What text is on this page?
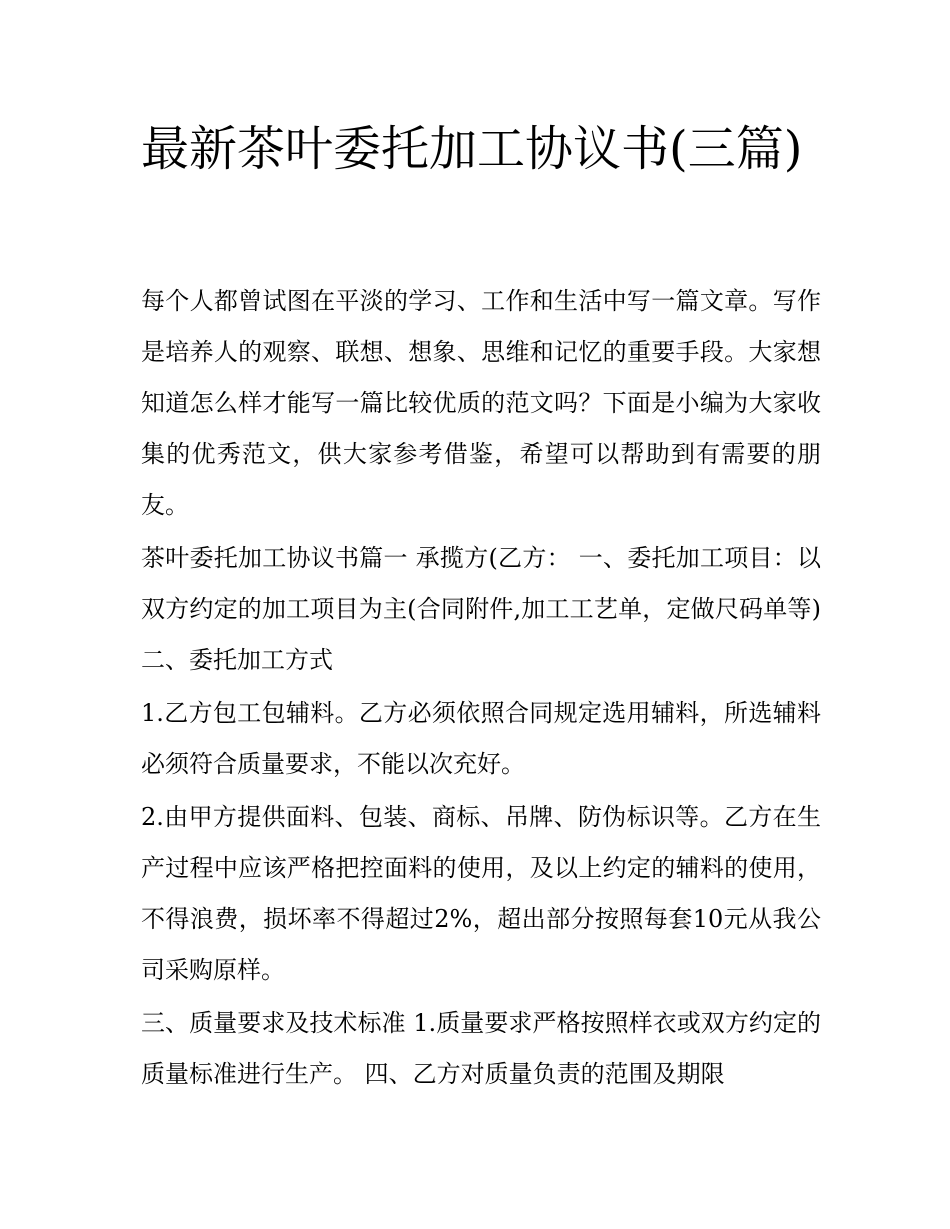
最新茶叶委托加工协议书(三篇)

每个人都曾试图在平淡的学习、工作和生活中写一篇文章。写作是培养人的观察、联想、想象、思维和记忆的重要手段。大家想知道怎么样才能写一篇比较优质的范文吗？下面是小编为大家收集的优秀范文，供大家参考借鉴，希望可以帮助到有需要的朋友。

茶叶委托加工协议书篇一 承揽方(乙方： 一、委托加工项目：以双方约定的加工项目为主(合同附件,加工工艺单，定做尺码单等) 二、委托加工方式

1.乙方包工包辅料。乙方必须依照合同规定选用辅料，所选辅料必须符合质量要求，不能以次充好。

2.由甲方提供面料、包装、商标、吊牌、防伪标识等。乙方在生产过程中应该严格把控面料的使用，及以上约定的辅料的使用，不得浪费，损坏率不得超过2%，超出部分按照每套10元从我公司采购原样。

三、质量要求及技术标准 1.质量要求严格按照样衣或双方约定的质量标准进行生产。 四、乙方对质量负责的范围及期限
